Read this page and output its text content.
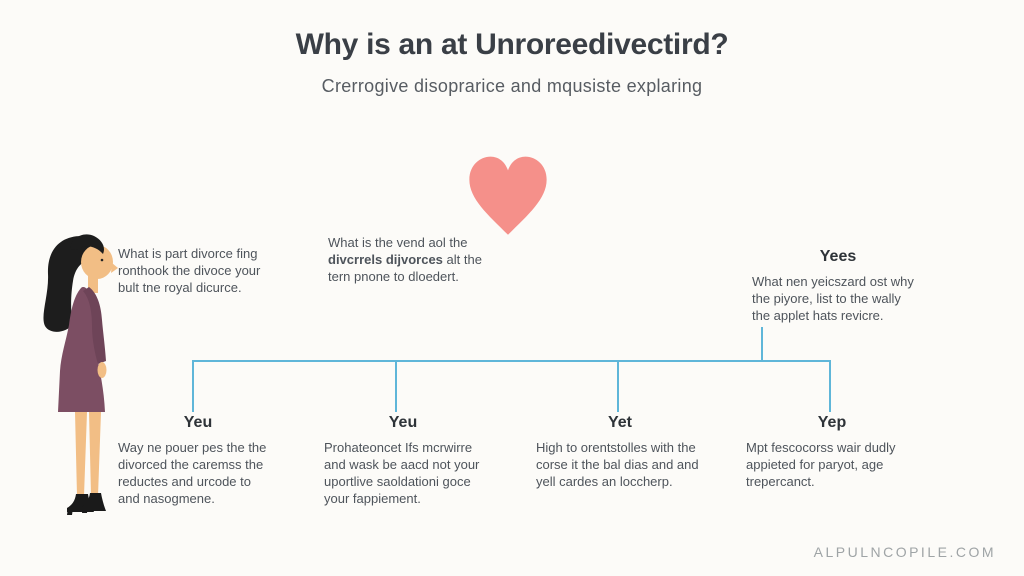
Why is an at Unroreedivectird?

Crerrogive disoprarice and mqusiste explaring

What is part divorce fing
ronthook the divoce your
bult tne royal dicurce.
What is the vend aol the
divcrrels dijvorces alt the
tern pnone to dloedert.
Yees
What nen yeicszard ost why
the piyore, list to the wally
the applet hats revicre.
Yeu
Way ne pouer pes the the
divorced the caremss the
reductes and urcode to
and nasogmene.
Yeu
Prohateoncet Ifs mcrwirre
and wask be aacd not your
uportlive saoldationi goce
your fappiement.
Yet
High to orentstolles with the
corse it the bal dias and and
yell cardes an loccherp.
Yep
Mpt fescocorss wair dudly
appieted for paryot, age
trepercanct.
ALPULNCOPILE.COM
